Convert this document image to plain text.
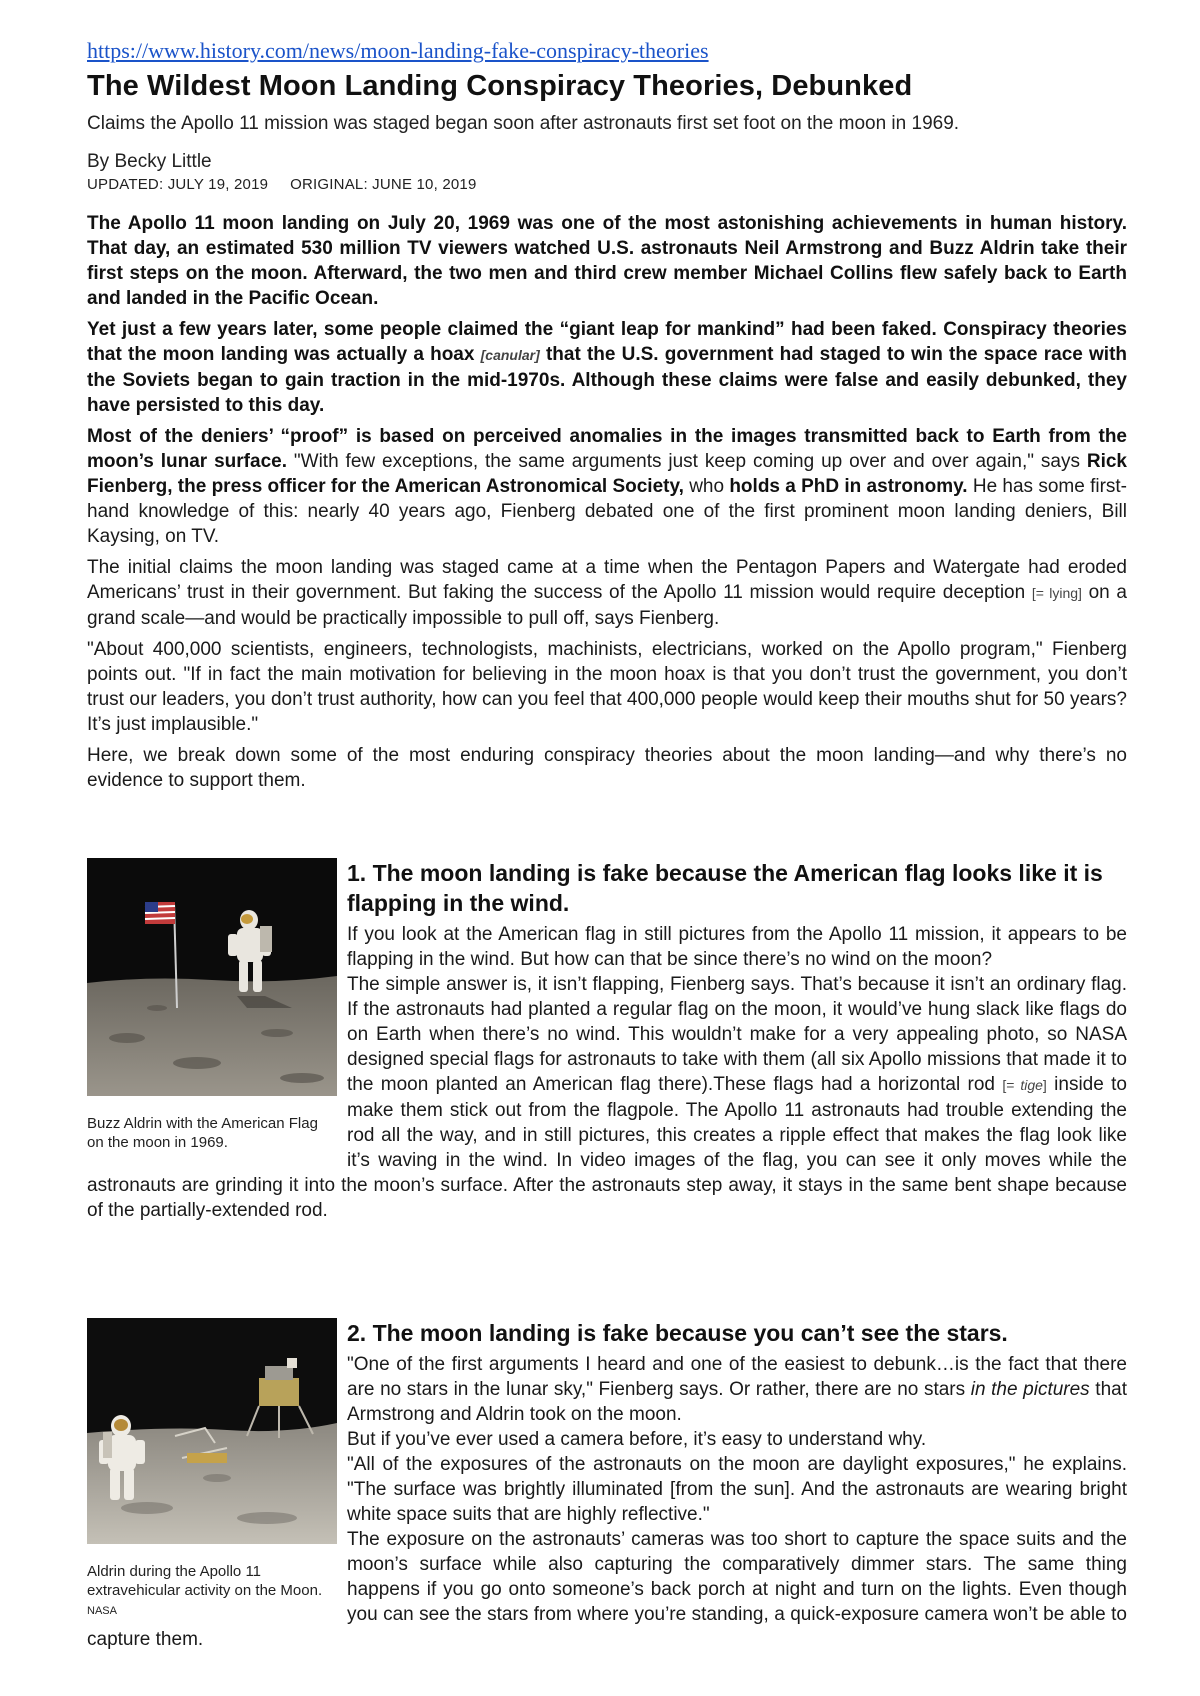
https://www.history.com/news/moon-landing-fake-conspiracy-theories
The Wildest Moon Landing Conspiracy Theories, Debunked
Claims the Apollo 11 mission was staged began soon after astronauts first set foot on the moon in 1969.
By Becky Little
UPDATED: JULY 19, 2019 ORIGINAL: JUNE 10, 2019

The Apollo 11 moon landing on July 20, 1969 was one of the most astonishing achievements in human history. That day, an estimated 530 million TV viewers watched U.S. astronauts Neil Armstrong and Buzz Aldrin take their first steps on the moon. Afterward, the two men and third crew member Michael Collins flew safely back to Earth and landed in the Pacific Ocean.

Yet just a few years later, some people claimed the “giant leap for mankind” had been faked. Conspiracy theories that the moon landing was actually a hoax [canular] that the U.S. government had staged to win the space race with the Soviets began to gain traction in the mid-1970s. Although these claims were false and easily debunked, they have persisted to this day.

Most of the deniers’ “proof” is based on perceived anomalies in the images transmitted back to Earth from the moon’s lunar surface. "With few exceptions, the same arguments just keep coming up over and over again," says Rick Fienberg, the press officer for the American Astronomical Society, who holds a PhD in astronomy. He has some first-hand knowledge of this: nearly 40 years ago, Fienberg debated one of the first prominent moon landing deniers, Bill Kaysing, on TV.

The initial claims the moon landing was staged came at a time when the Pentagon Papers and Watergate had eroded Americans’ trust in their government. But faking the success of the Apollo 11 mission would require deception [= lying] on a grand scale—and would be practically impossible to pull off, says Fienberg.

"About 400,000 scientists, engineers, technologists, machinists, electricians, worked on the Apollo program," Fienberg points out. "If in fact the main motivation for believing in the moon hoax is that you don’t trust the government, you don’t trust our leaders, you don’t trust authority, how can you feel that 400,000 people would keep their mouths shut for 50 years? It’s just implausible."

Here, we break down some of the most enduring conspiracy theories about the moon landing—and why there’s no evidence to support them.

Buzz Aldrin with the American Flag on the moon in 1969.
1. The moon landing is fake because the American flag looks like it is flapping in the wind.

If you look at the American flag in still pictures from the Apollo 11 mission, it appears to be flapping in the wind. But how can that be since there’s no wind on the moon?

The simple answer is, it isn’t flapping, Fienberg says. That’s because it isn’t an ordinary flag. If the astronauts had planted a regular flag on the moon, it would’ve hung slack like flags do on Earth when there’s no wind. This wouldn’t make for a very appealing photo, so NASA designed special flags for astronauts to take with them (all six Apollo missions that made it to the moon planted an American flag there).These flags had a horizontal rod [= tige] inside to make them stick out from the flagpole. The Apollo 11 astronauts had trouble extending the rod all the way, and in still pictures, this creates a ripple effect that makes the flag look like it’s waving in the wind. In video images of the flag, you can see it only moves while the astronauts are grinding it into the moon’s surface. After the astronauts step away, it stays in the same bent shape because of the partially-extended rod.

Aldrin during the Apollo 11 extravehicular activity on the Moon. NASA
2. The moon landing is fake because you can’t see the stars.

"One of the first arguments I heard and one of the easiest to debunk…is the fact that there are no stars in the lunar sky," Fienberg says. Or rather, there are no stars in the pictures that Armstrong and Aldrin took on the moon.

But if you’ve ever used a camera before, it’s easy to understand why.

"All of the exposures of the astronauts on the moon are daylight exposures," he explains. "The surface was brightly illuminated [from the sun]. And the astronauts are wearing bright white space suits that are highly reflective."

The exposure on the astronauts’ cameras was too short to capture the space suits and the moon’s surface while also capturing the comparatively dimmer stars. The same thing happens if you go onto someone’s back porch at night and turn on the lights. Even though you can see the stars from where you’re standing, a quick-exposure camera won’t be able to capture them.
